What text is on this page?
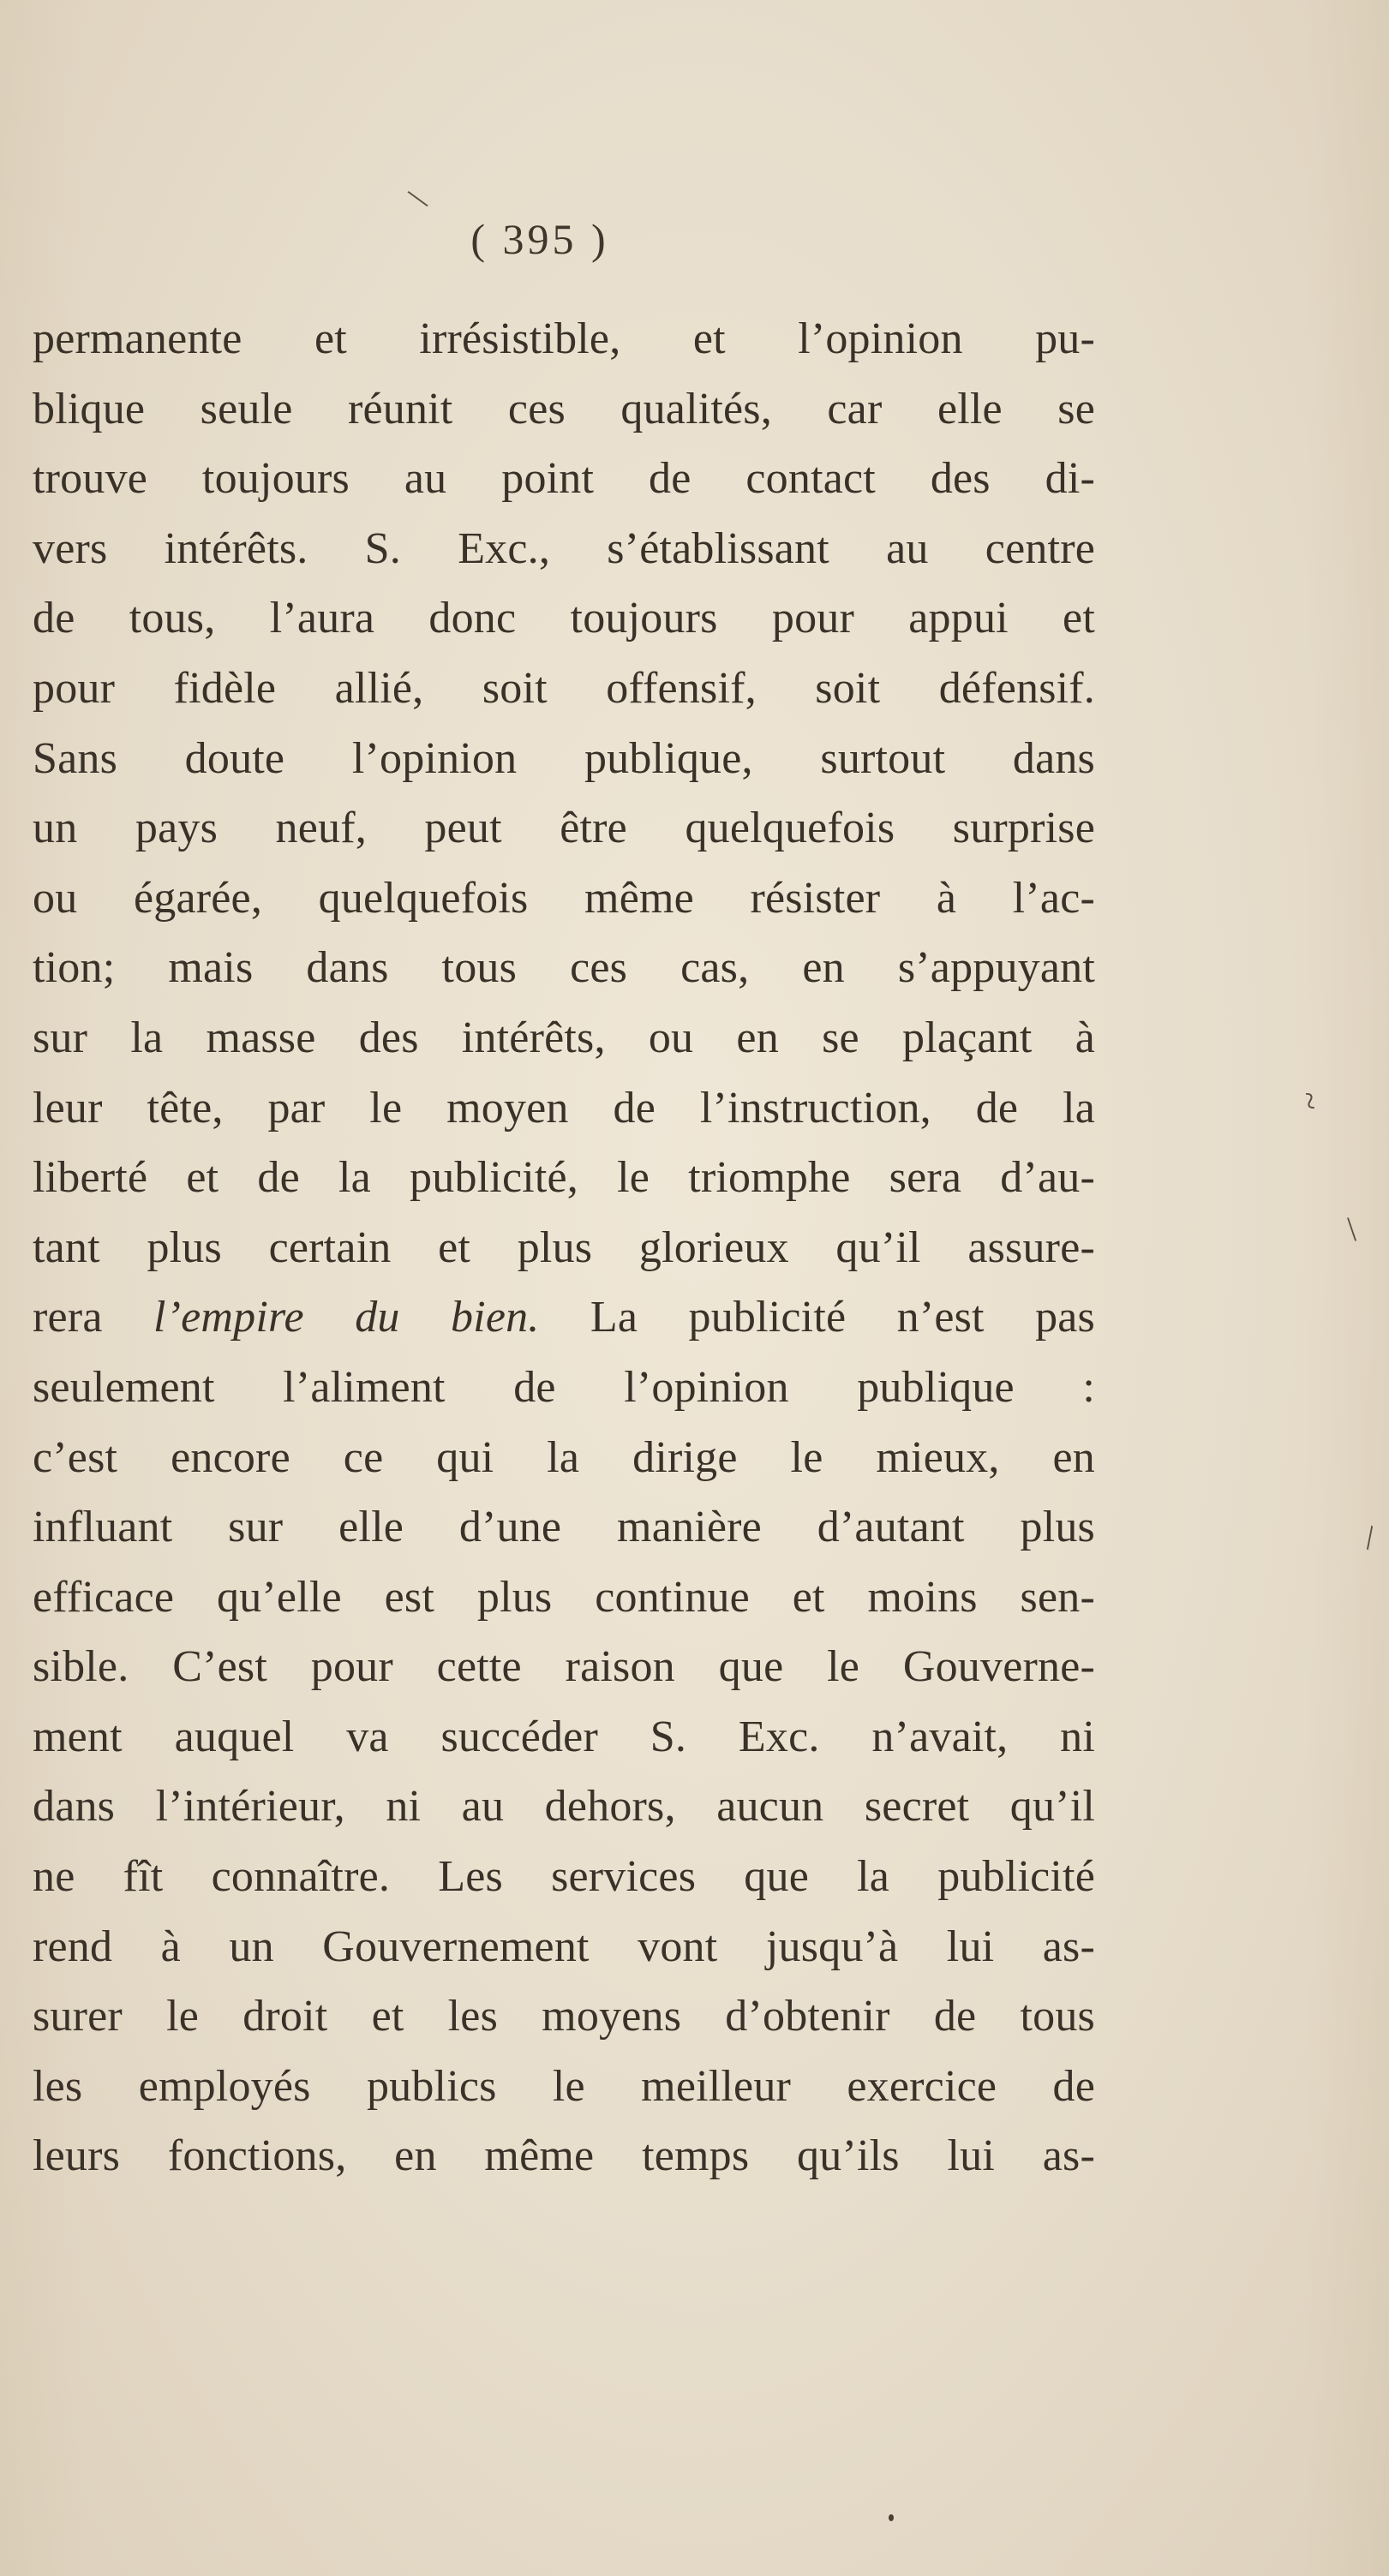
( 395 )
permanente et irrésistible, et l’opinion pu-
blique seule réunit ces qualités, car elle se
trouve toujours au point de contact des di-
vers intérêts. S. Exc., s’établissant au centre
de tous, l’aura donc toujours pour appui et
pour fidèle allié, soit offensif, soit défensif.
Sans doute l’opinion publique, surtout dans
un pays neuf, peut être quelquefois surprise
ou égarée, quelquefois même résister à l’ac-
tion; mais dans tous ces cas, en s’appuyant
sur la masse des intérêts, ou en se plaçant à
leur tête, par le moyen de l’instruction, de la
liberté et de la publicité, le triomphe sera d’au-
tant plus certain et plus glorieux qu’il assure-
rera l’empire du bien. La publicité n’est pas
seulement l’aliment de l’opinion publique :
c’est encore ce qui la dirige le mieux, en
influant sur elle d’une manière d’autant plus
efficace qu’elle est plus continue et moins sen-
sible. C’est pour cette raison que le Gouverne-
ment auquel va succéder S. Exc. n’avait, ni
dans l’intérieur, ni au dehors, aucun secret qu’il
ne fît connaître. Les services que la publicité
rend à un Gouvernement vont jusqu’à lui as-
surer le droit et les moyens d’obtenir de tous
les employés publics le meilleur exercice de
leurs fonctions, en même temps qu’ils lui as-
\
~
\
\
